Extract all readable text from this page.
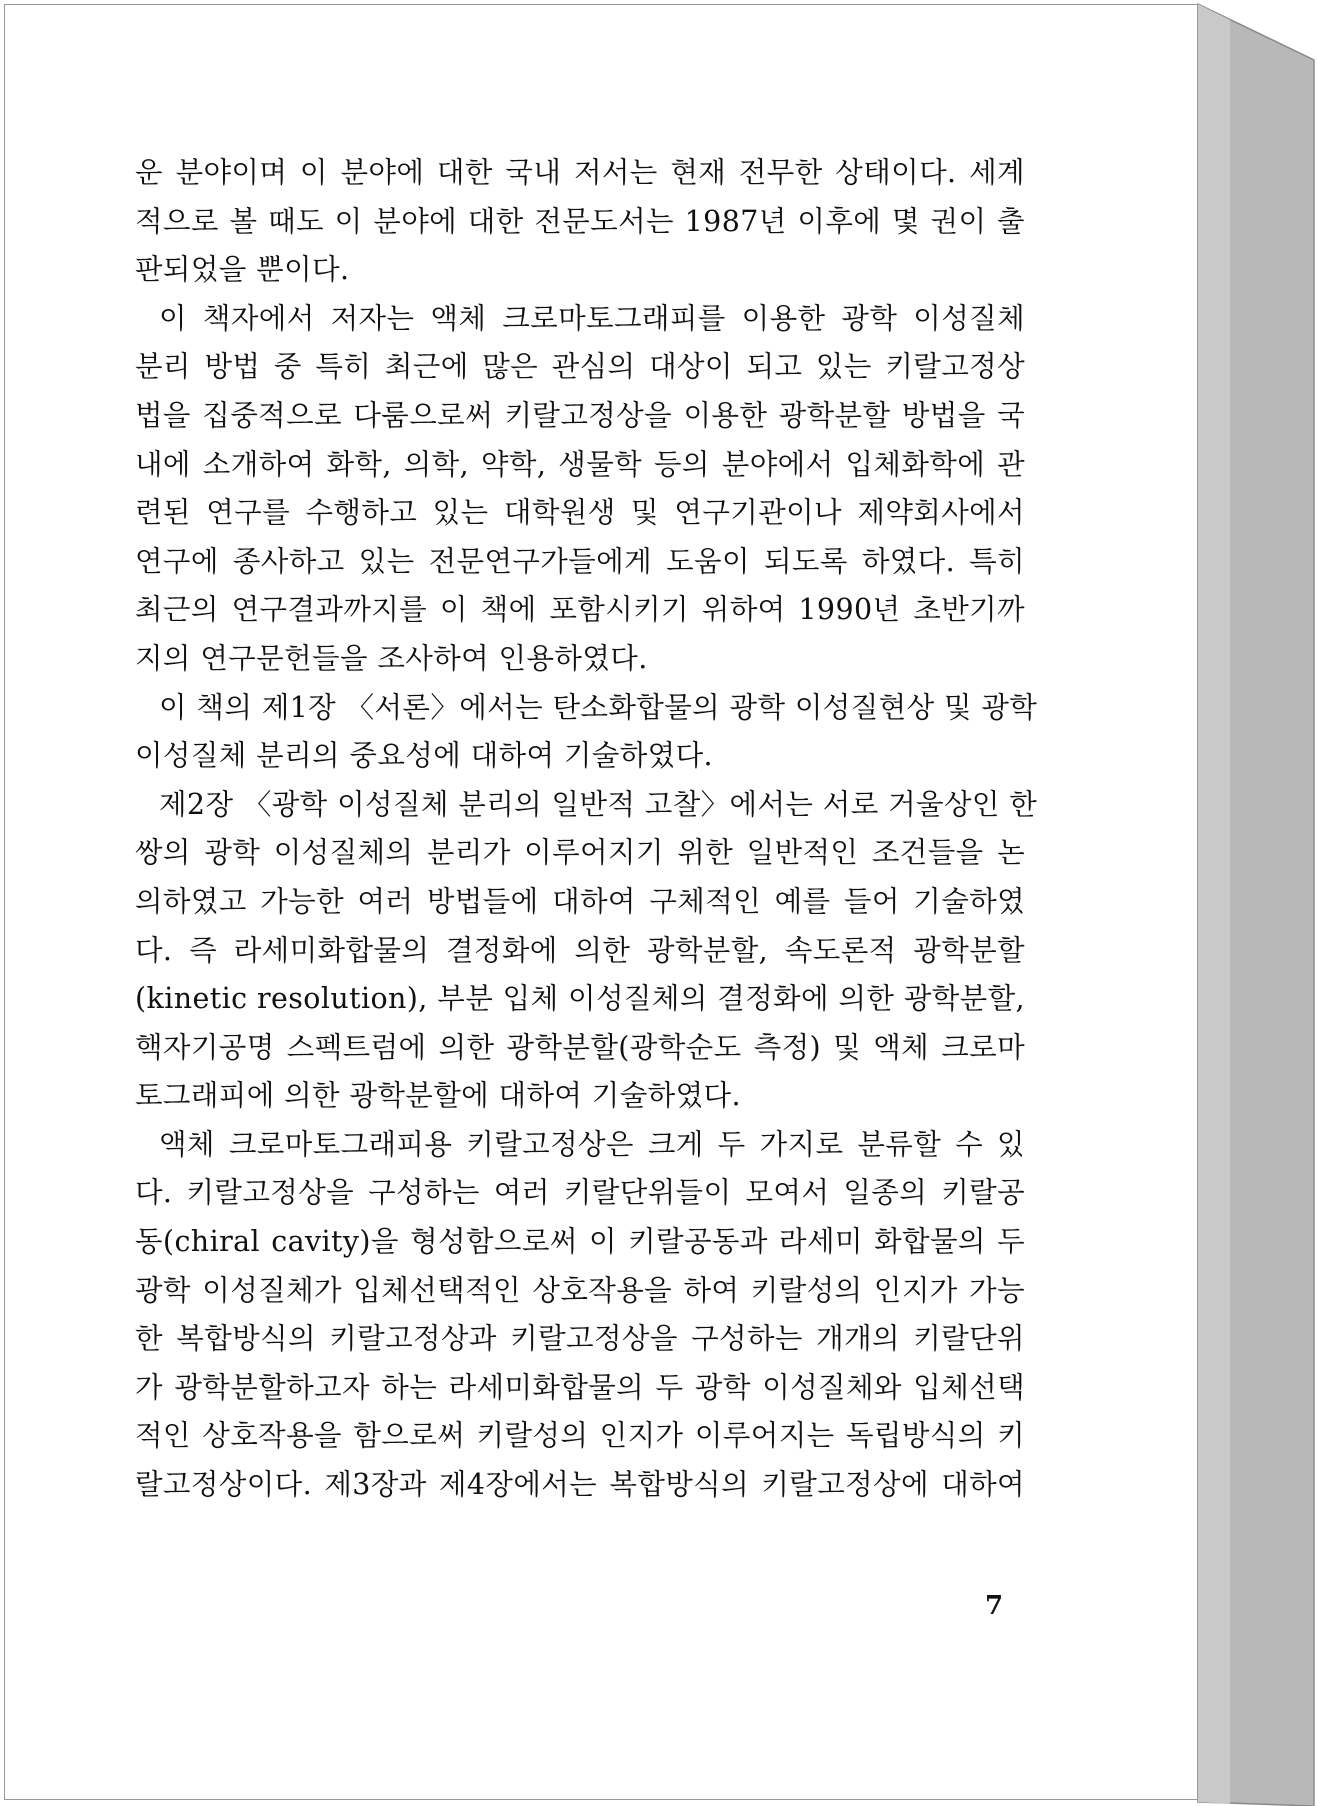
운 분야이며 이 분야에 대한 국내 저서는 현재 전무한 상태이다. 세계
적으로 볼 때도 이 분야에 대한 전문도서는 1987년 이후에 몇 권이 출
판되었을 뿐이다.
이 책자에서 저자는 액체 크로마토그래피를 이용한 광학 이성질체
분리 방법 중 특히 최근에 많은 관심의 대상이 되고 있는 키랄고정상
법을 집중적으로 다룸으로써 키랄고정상을 이용한 광학분할 방법을 국
내에 소개하여 화학, 의학, 약학, 생물학 등의 분야에서 입체화학에 관
련된 연구를 수행하고 있는 대학원생 및 연구기관이나 제약회사에서
연구에 종사하고 있는 전문연구가들에게 도움이 되도록 하였다. 특히
최근의 연구결과까지를 이 책에 포함시키기 위하여 1990년 초반기까
지의 연구문헌들을 조사하여 인용하였다.
이 책의 제1장 〈서론〉에서는 탄소화합물의 광학 이성질현상 및 광학
이성질체 분리의 중요성에 대하여 기술하였다.
제2장 〈광학 이성질체 분리의 일반적 고찰〉에서는 서로 거울상인 한
쌍의 광학 이성질체의 분리가 이루어지기 위한 일반적인 조건들을 논
의하였고 가능한 여러 방법들에 대하여 구체적인 예를 들어 기술하였
다. 즉 라세미화합물의 결정화에 의한 광학분할, 속도론적 광학분할
(kinetic resolution), 부분 입체 이성질체의 결정화에 의한 광학분할,
핵자기공명 스펙트럼에 의한 광학분할(광학순도 측정) 및 액체 크로마
토그래피에 의한 광학분할에 대하여 기술하였다.
액체 크로마토그래피용 키랄고정상은 크게 두 가지로 분류할 수 있
다. 키랄고정상을 구성하는 여러 키랄단위들이 모여서 일종의 키랄공
동(chiral cavity)을 형성함으로써 이 키랄공동과 라세미 화합물의 두
광학 이성질체가 입체선택적인 상호작용을 하여 키랄성의 인지가 가능
한 복합방식의 키랄고정상과 키랄고정상을 구성하는 개개의 키랄단위
가 광학분할하고자 하는 라세미화합물의 두 광학 이성질체와 입체선택
적인 상호작용을 함으로써 키랄성의 인지가 이루어지는 독립방식의 키
랄고정상이다. 제3장과 제4장에서는 복합방식의 키랄고정상에 대하여
7
